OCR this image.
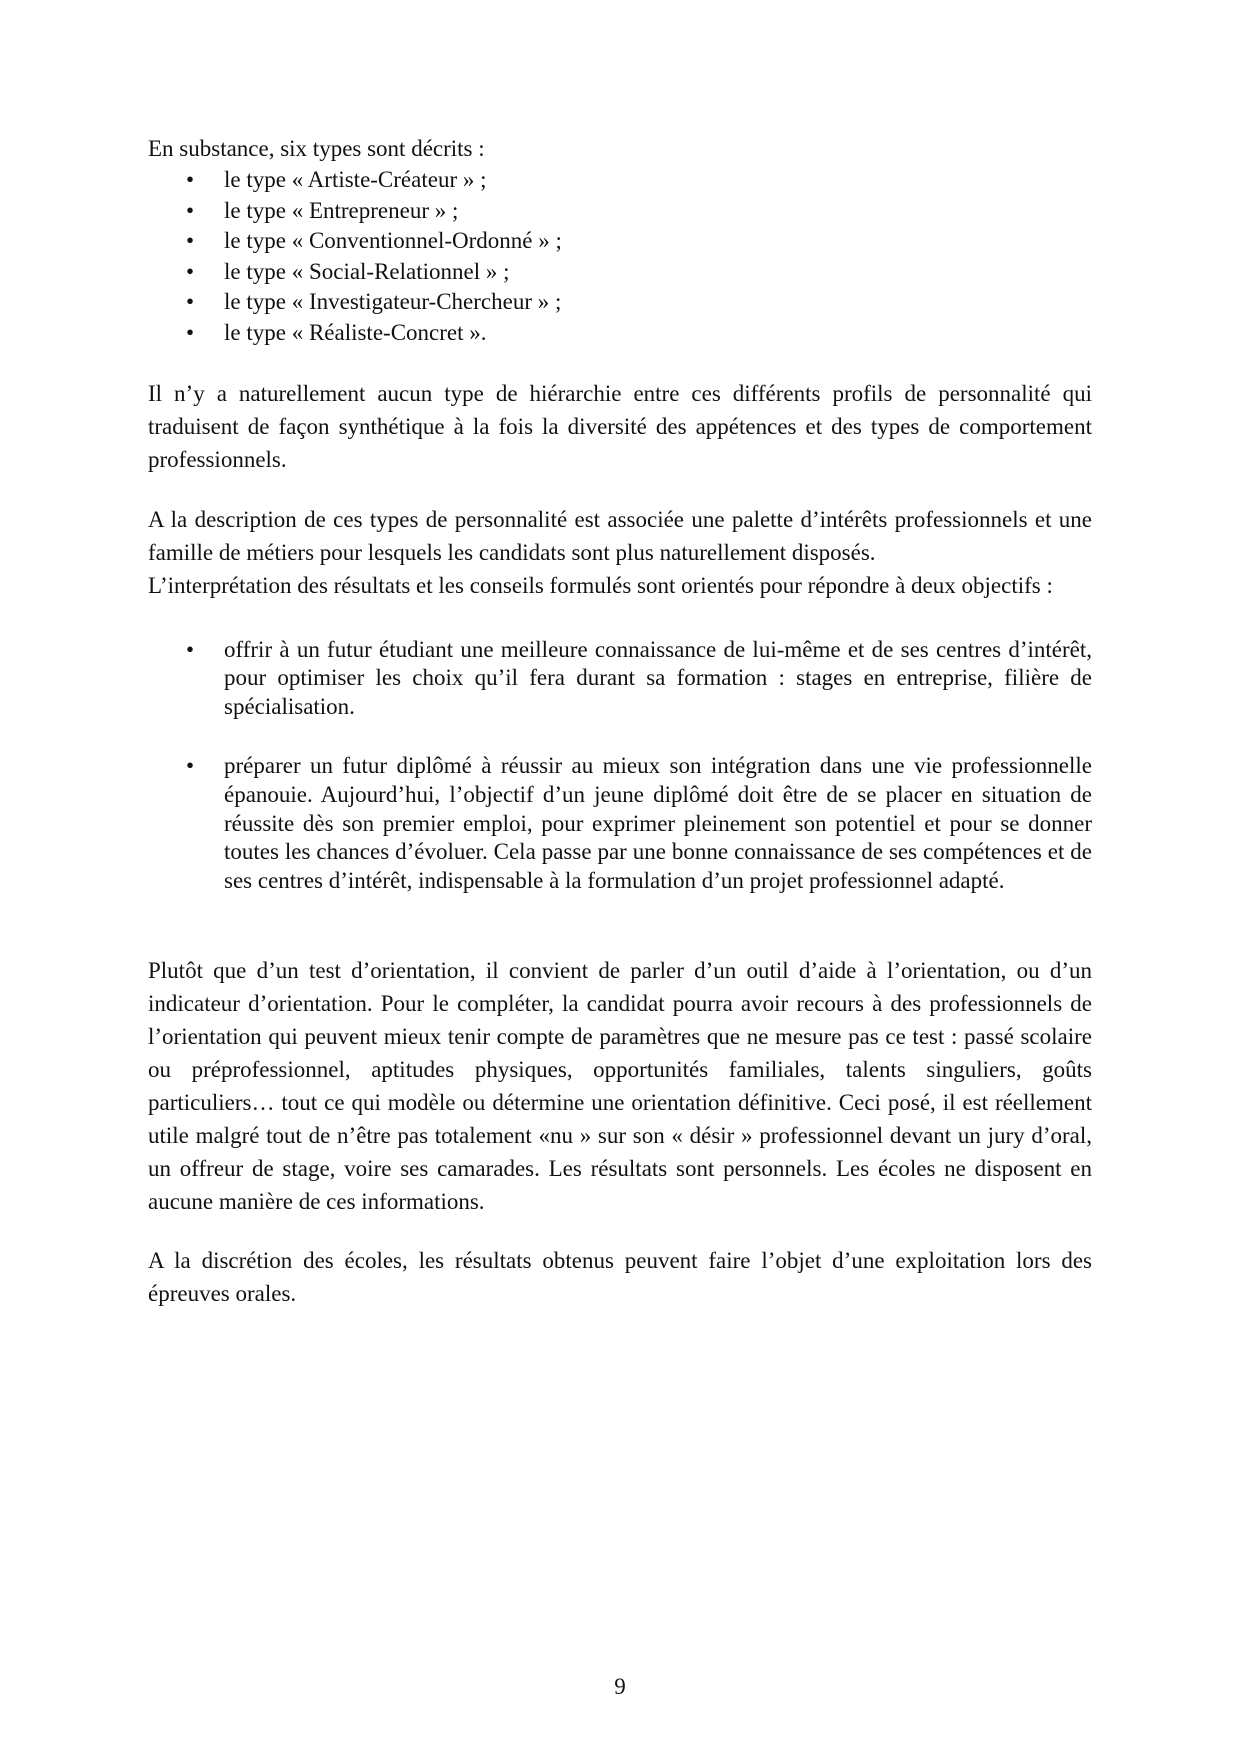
En substance, six types sont décrits :

• le type « Artiste-Créateur » ;
• le type « Entrepreneur » ;
• le type « Conventionnel-Ordonné » ;
• le type « Social-Relationnel » ;
• le type « Investigateur-Chercheur » ;
• le type « Réaliste-Concret ».

Il n’y a naturellement aucun type de hiérarchie entre ces différents profils de personnalité qui traduisent de façon synthétique à la fois la diversité des appétences et des types de comportement professionnels.

A la description de ces types de personnalité est associée une palette d’intérêts professionnels et une famille de métiers pour lesquels les candidats sont plus naturellement disposés.

L’interprétation des résultats et les conseils formulés sont orientés pour répondre à deux objectifs :

• offrir à un futur étudiant une meilleure connaissance de lui-même et de ses centres d’intérêt, pour optimiser les choix qu’il fera durant sa formation : stages en entreprise, filière de spécialisation.
• préparer un futur diplômé à réussir au mieux son intégration dans une vie professionnelle épanouie. Aujourd’hui, l’objectif d’un jeune diplômé doit être de se placer en situation de réussite dès son premier emploi, pour exprimer pleinement son potentiel et pour se donner toutes les chances d’évoluer. Cela passe par une bonne connaissance de ses compétences et de ses centres d’intérêt, indispensable à la formulation d’un projet professionnel adapté.

Plutôt que d’un test d’orientation, il convient de parler d’un outil d’aide à l’orientation, ou d’un indicateur d’orientation. Pour le compléter, la candidat pourra avoir recours à des professionnels de l’orientation qui peuvent mieux tenir compte de paramètres que ne mesure pas ce test : passé scolaire ou préprofessionnel, aptitudes physiques, opportunités familiales, talents singuliers, goûts particuliers… tout ce qui modèle ou détermine une orientation définitive. Ceci posé, il est réellement utile malgré tout de n’être pas totalement «nu » sur son « désir » professionnel devant un jury d’oral, un offreur de stage, voire ses camarades. Les résultats sont personnels. Les écoles ne disposent en aucune manière de ces informations.

A la discrétion des écoles, les résultats obtenus peuvent faire l’objet d’une exploitation lors des épreuves orales.

9
